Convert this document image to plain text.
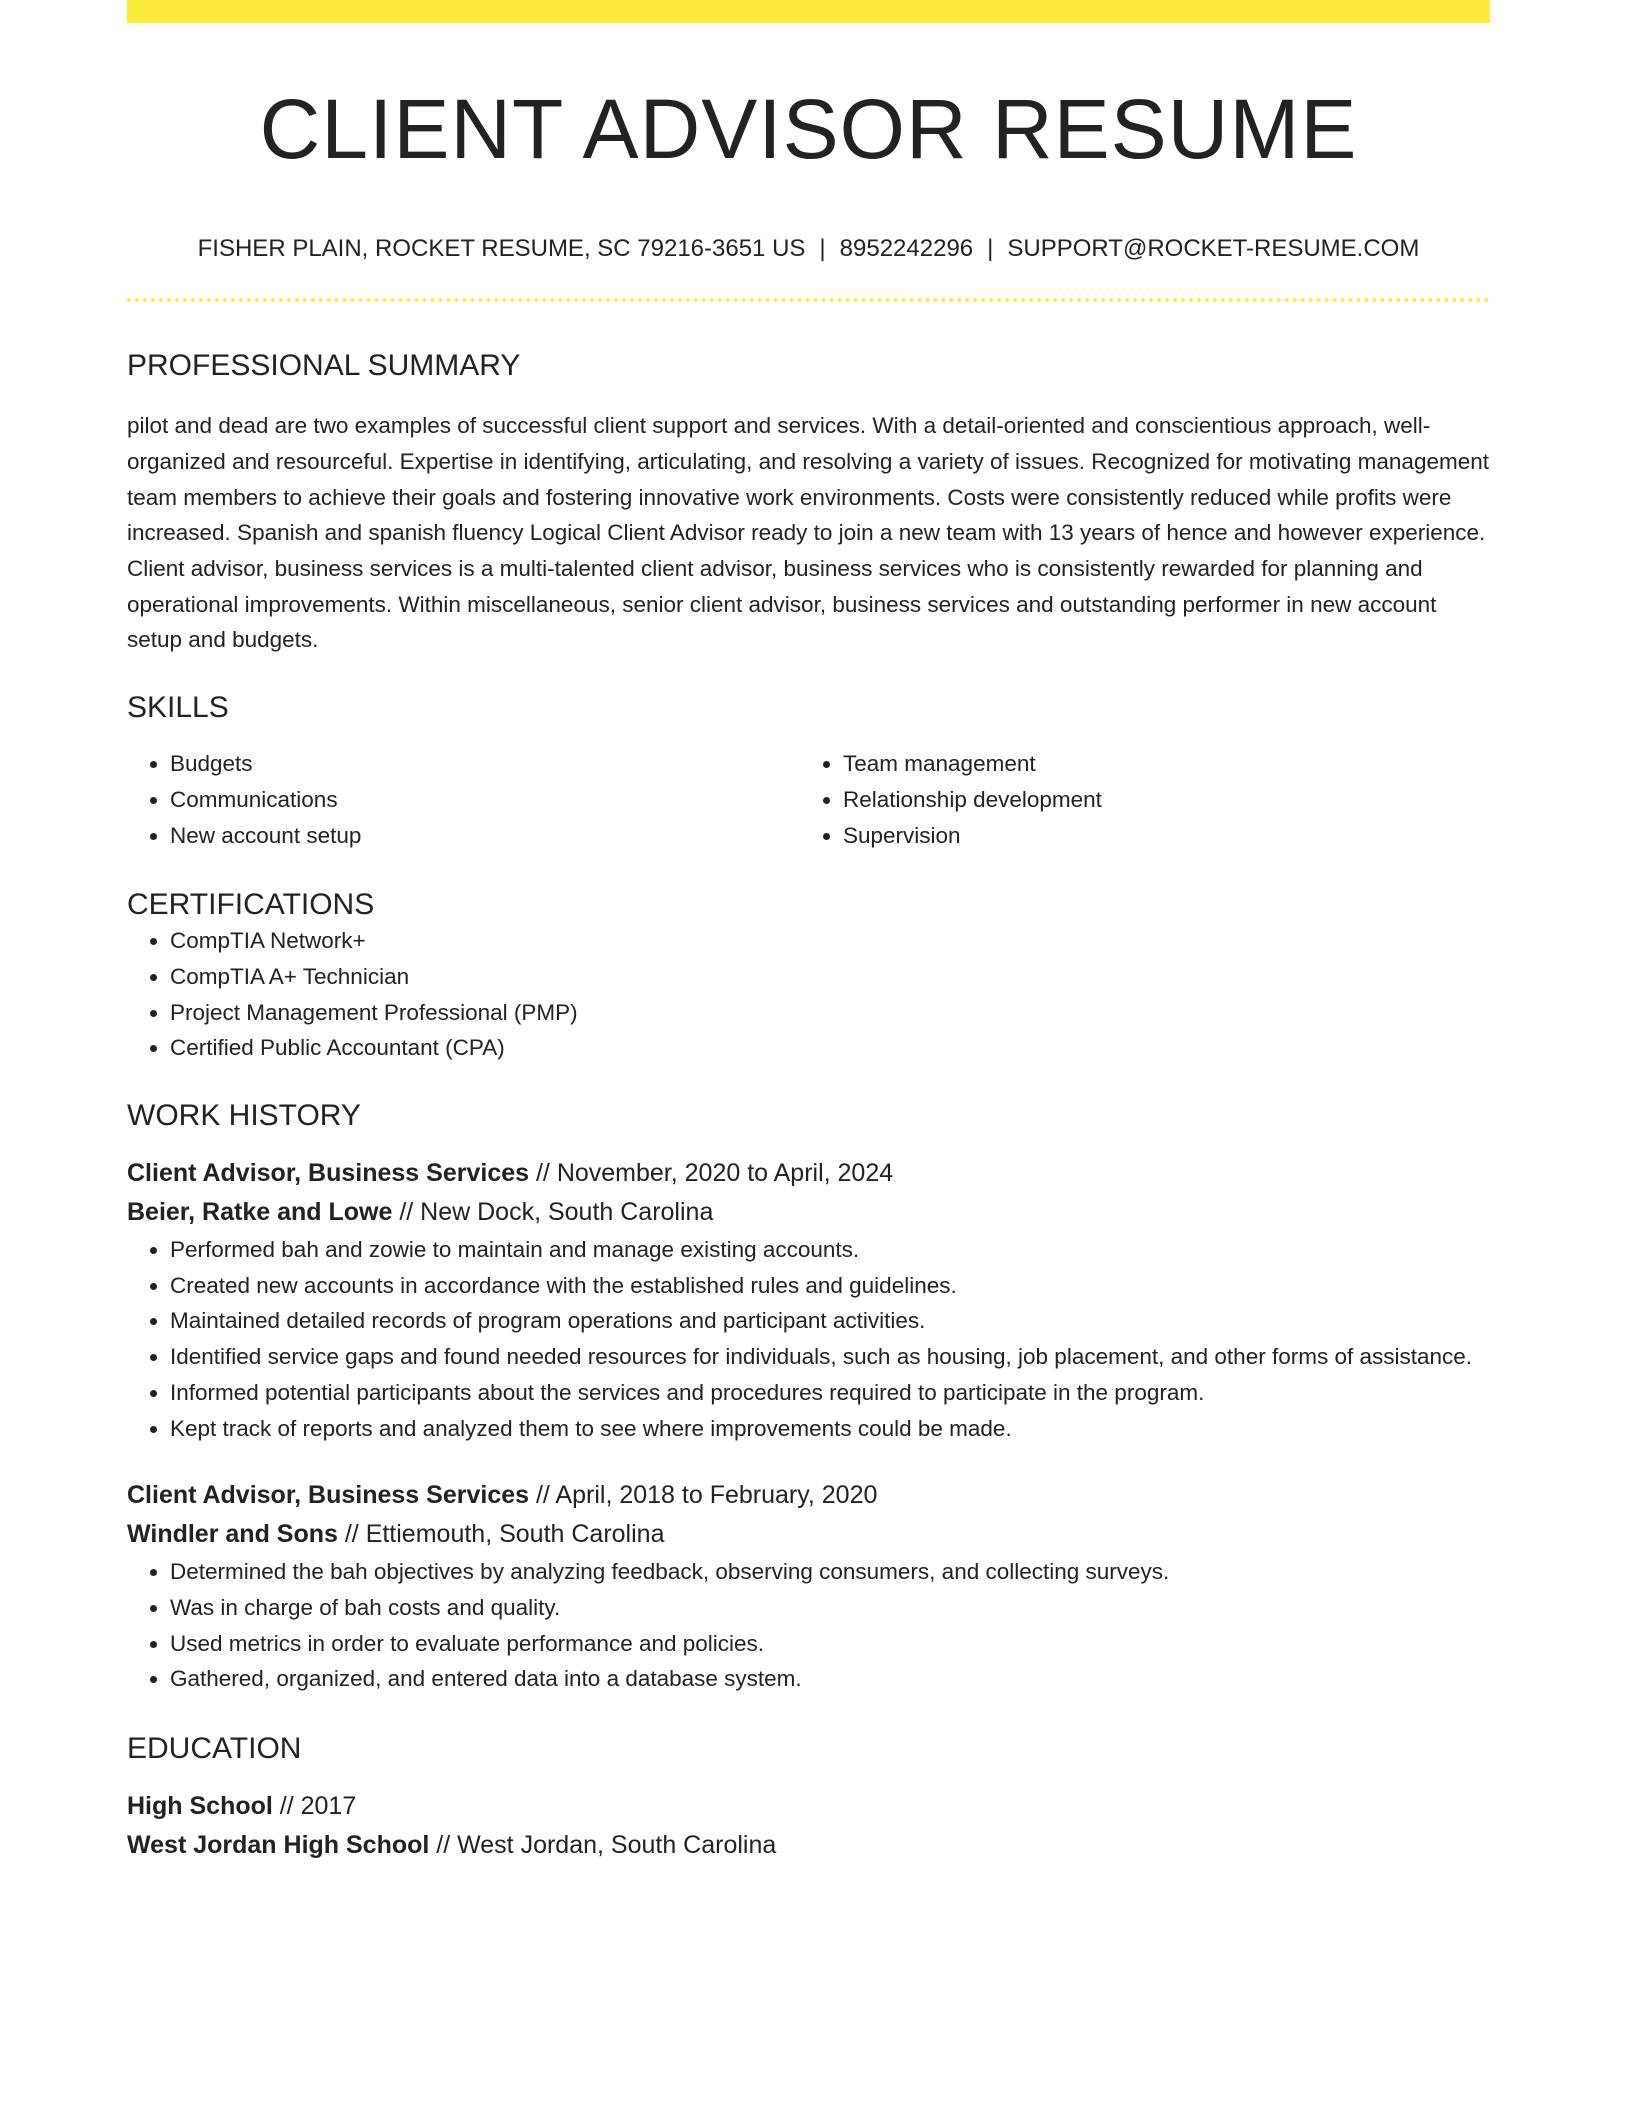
CLIENT ADVISOR RESUME
FISHER PLAIN, ROCKET RESUME, SC 79216-3651 US | 8952242296 | SUPPORT@ROCKET-RESUME.COM
PROFESSIONAL SUMMARY

pilot and dead are two examples of successful client support and services. With a detail-oriented and conscientious approach, well-organized and resourceful. Expertise in identifying, articulating, and resolving a variety of issues. Recognized for motivating management team members to achieve their goals and fostering innovative work environments. Costs were consistently reduced while profits were increased. Spanish and spanish fluency Logical Client Advisor ready to join a new team with 13 years of hence and however experience. Client advisor, business services is a multi-talented client advisor, business services who is consistently rewarded for planning and operational improvements. Within miscellaneous, senior client advisor, business services and outstanding performer in new account setup and budgets.

SKILLS
• Budgets
• Communications
• New account setup
• Team management
• Relationship development
• Supervision
CERTIFICATIONS
• CompTIA Network+
• CompTIA A+ Technician
• Project Management Professional (PMP)
• Certified Public Accountant (CPA)
WORK HISTORY
Client Advisor, Business Services // November, 2020 to April, 2024
Beier, Ratke and Lowe // New Dock, South Carolina
• Performed bah and zowie to maintain and manage existing accounts.
• Created new accounts in accordance with the established rules and guidelines.
• Maintained detailed records of program operations and participant activities.
• Identified service gaps and found needed resources for individuals, such as housing, job placement, and other forms of assistance.
• Informed potential participants about the services and procedures required to participate in the program.
• Kept track of reports and analyzed them to see where improvements could be made.
Client Advisor, Business Services // April, 2018 to February, 2020
Windler and Sons // Ettiemouth, South Carolina
• Determined the bah objectives by analyzing feedback, observing consumers, and collecting surveys.
• Was in charge of bah costs and quality.
• Used metrics in order to evaluate performance and policies.
• Gathered, organized, and entered data into a database system.
EDUCATION
High School // 2017
West Jordan High School // West Jordan, South Carolina
